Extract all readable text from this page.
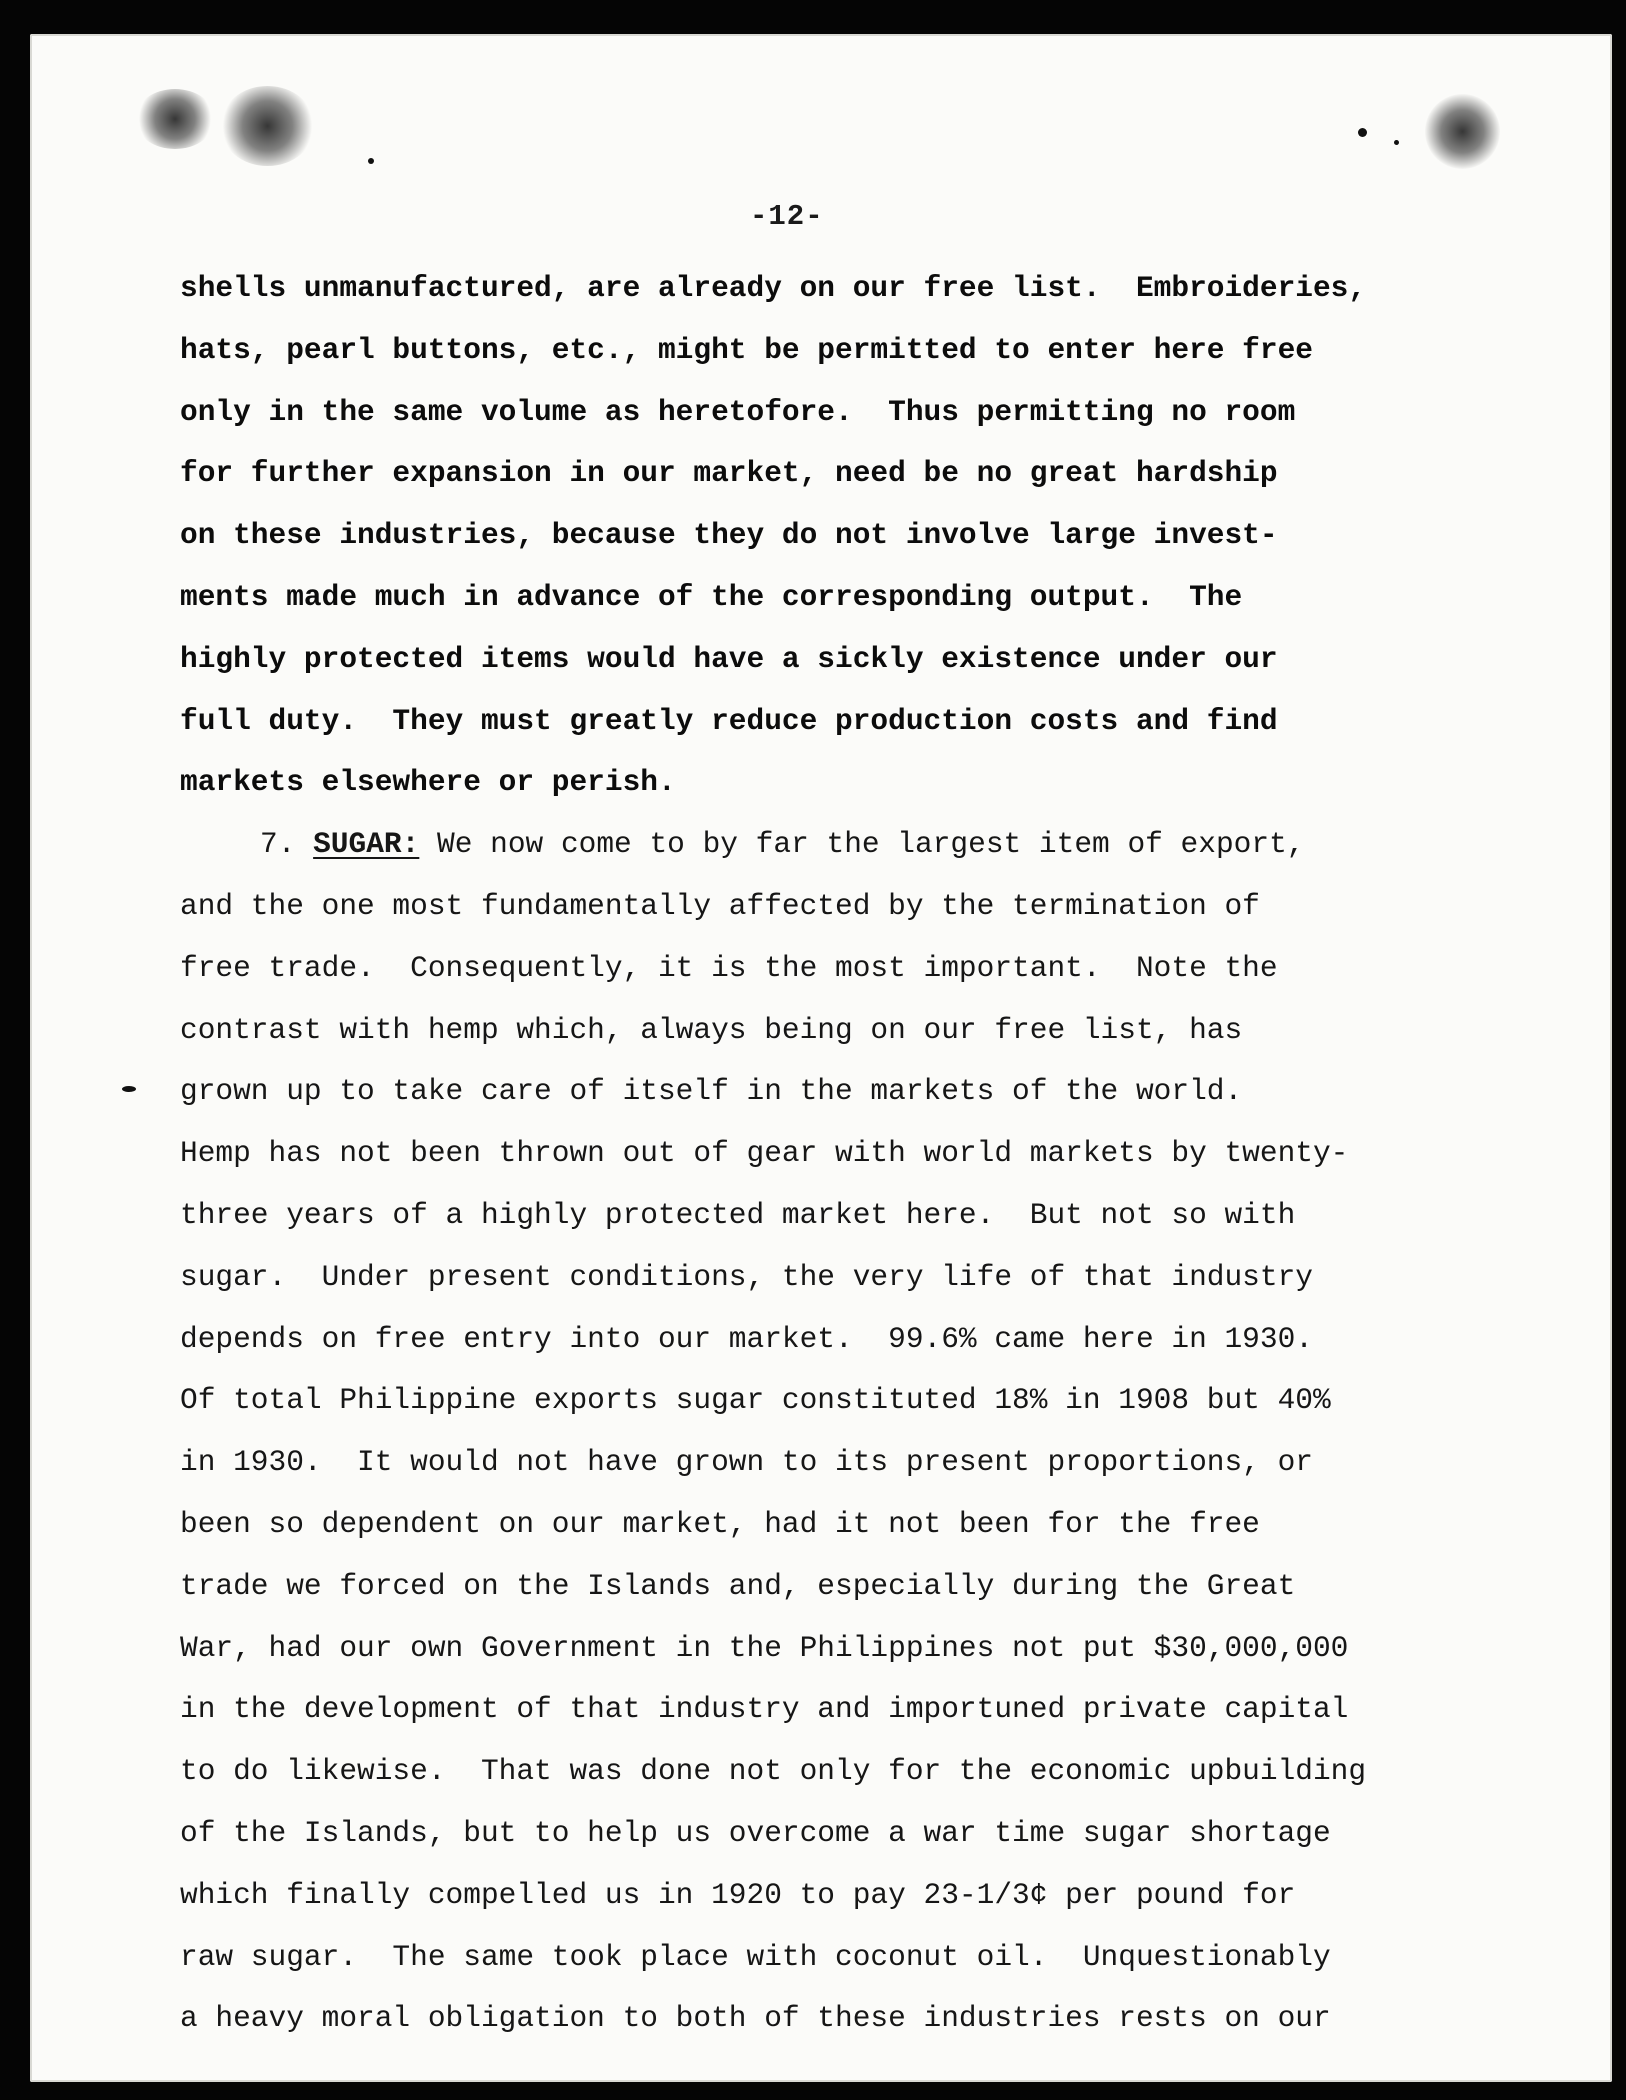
-12-
shells unmanufactured, are already on our free list.  Embroideries,
hats, pearl buttons, etc., might be permitted to enter here free
only in the same volume as heretofore.  Thus permitting no room
for further expansion in our market, need be no great hardship
on these industries, because they do not involve large invest-
ments made much in advance of the corresponding output.  The
highly protected items would have a sickly existence under our
full duty.  They must greatly reduce production costs and find
markets elsewhere or perish.
7. SUGAR: We now come to by far the largest item of export,
and the one most fundamentally affected by the termination of
free trade.  Consequently, it is the most important.  Note the
contrast with hemp which, always being on our free list, has
grown up to take care of itself in the markets of the world.
Hemp has not been thrown out of gear with world markets by twenty-
three years of a highly protected market here.  But not so with
sugar.  Under present conditions, the very life of that industry
depends on free entry into our market.  99.6% came here in 1930.
Of total Philippine exports sugar constituted 18% in 1908 but 40%
in 1930.  It would not have grown to its present proportions, or
been so dependent on our market, had it not been for the free
trade we forced on the Islands and, especially during the Great
War, had our own Government in the Philippines not put $30,000,000
in the development of that industry and importuned private capital
to do likewise.  That was done not only for the economic upbuilding
of the Islands, but to help us overcome a war time sugar shortage
which finally compelled us in 1920 to pay 23-1/3¢ per pound for
raw sugar.  The same took place with coconut oil.  Unquestionably
a heavy moral obligation to both of these industries rests on our
